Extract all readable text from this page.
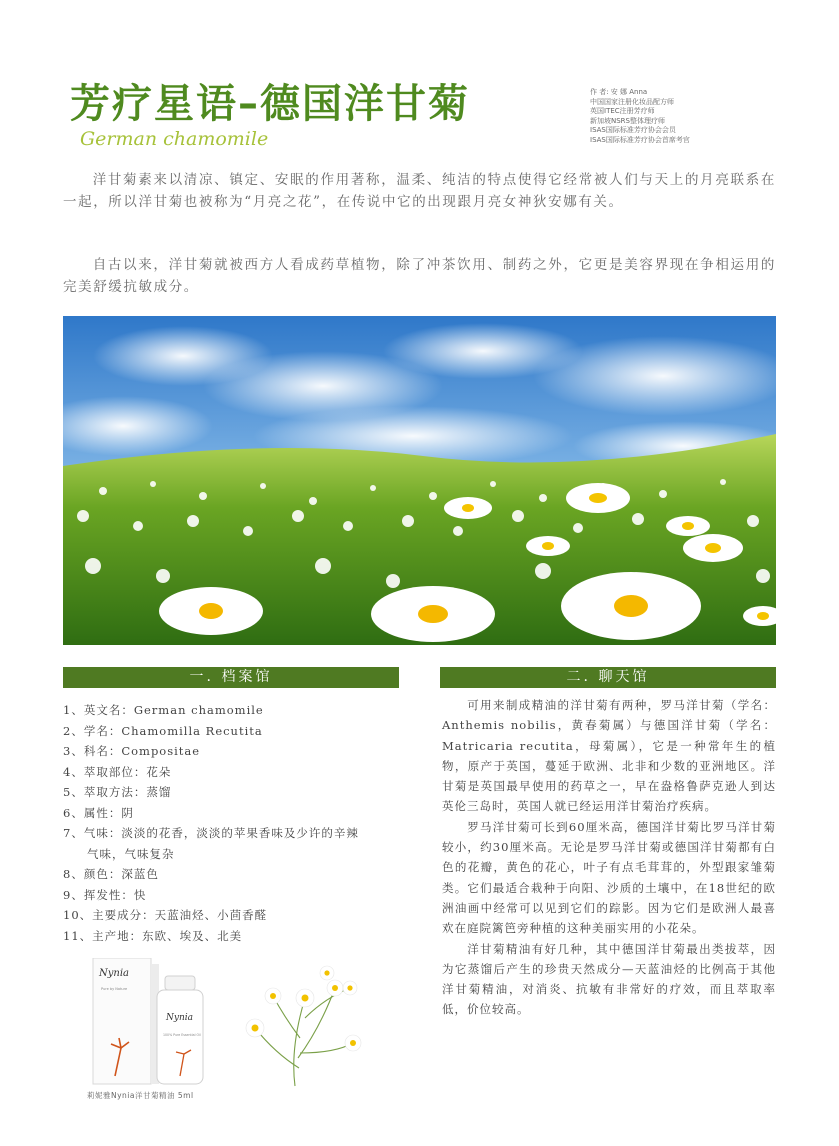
芳疗星语–德国洋甘菊
German chamomile
作 者: 安 娜 Anna
中国国家注册化妆品配方师
英国ITEC注册芳疗师
新加坡NSRS整体理疗师
ISAS国际标准芳疗协会会员
ISAS国际标准芳疗协会首席考官
洋甘菊素来以清凉、镇定、安眠的作用著称，温柔、纯洁的特点使得它经常被人们与天上的月亮联系在一起，所以洋甘菊也被称为“月亮之花”，在传说中它的出现跟月亮女神狄安娜有关。
自古以来，洋甘菊就被西方人看成药草植物，除了冲茶饮用、制药之外，它更是美容界现在争相运用的完美舒缓抗敏成分。
一. 档案馆
1、英文名：German chamomile
2、学名：Chamomilla Recutita
3、科名：Compositae
4、萃取部位：花朵
5、萃取方法：蒸馏
6、属性：阴
7、气味：淡淡的花香，淡淡的苹果香味及少许的辛辣
气味，气味复杂
8、颜色：深蓝色
9、挥发性：快
10、主要成分：天蓝油烃、小茴香醛
11、主产地：东欧、埃及、北美
二. 聊天馆

可用来制成精油的洋甘菊有两种，罗马洋甘菊（学名：Anthemis nobilis，黄春菊属）与德国洋甘菊（学名：Matricaria recutita，母菊属），它是一种常年生的植物，原产于英国，蔓延于欧洲、北非和少数的亚洲地区。洋甘菊是英国最早使用的药草之一，早在盎格鲁萨克逊人到达英伦三岛时，英国人就已经运用洋甘菊治疗疾病。

罗马洋甘菊可长到60厘米高，德国洋甘菊比罗马洋甘菊较小，约30厘米高。无论是罗马洋甘菊或德国洋甘菊都有白色的花瓣，黄色的花心，叶子有点毛茸茸的，外型跟家雏菊类。它们最适合栽种于向阳、沙质的土壤中，在18世纪的欧洲油画中经常可以见到它们的踪影。因为它们是欧洲人最喜欢在庭院篱笆旁种植的这种美丽实用的小花朵。

洋甘菊精油有好几种，其中德国洋甘菊最出类拔萃，因为它蒸馏后产生的珍贵天然成分—天蓝油烃的比例高于其他洋甘菊精油，对消炎、抗敏有非常好的疗效，而且萃取率低，价位较高。

Nynia
Pure by Nature
Nynia
100% Pure Essential Oil
莉妮雅Nynia洋甘菊精油 5ml
